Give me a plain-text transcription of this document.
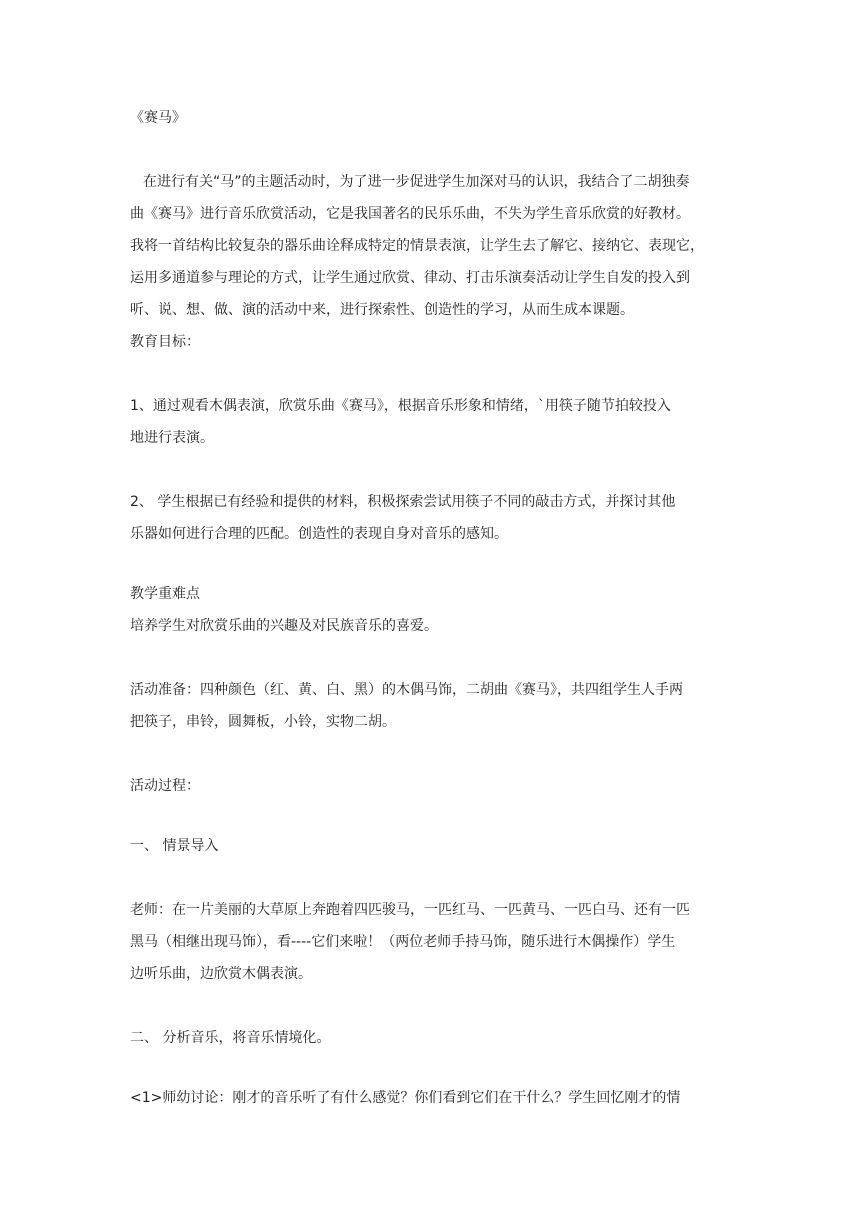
《赛马》
在进行有关“马”的主题活动时，为了进一步促进学生加深对马的认识，我结合了二胡独奏
曲《赛马》进行音乐欣赏活动，它是我国著名的民乐乐曲，不失为学生音乐欣赏的好教材。
我将一首结构比较复杂的器乐曲诠释成特定的情景表演，让学生去了解它、接纳它、表现它，
运用多通道参与理论的方式，让学生通过欣赏、律动、打击乐演奏活动让学生自发的投入到
听、说、想、做、演的活动中来，进行探索性、创造性的学习，从而生成本课题。
教育目标：
1、通过观看木偶表演，欣赏乐曲《赛马》，根据音乐形象和情绪，`用筷子随节拍较投入
地进行表演。
2、 学生根据已有经验和提供的材料，积极探索尝试用筷子不同的敲击方式，并探讨其他
乐器如何进行合理的匹配。创造性的表现自身对音乐的感知。
教学重难点
培养学生对欣赏乐曲的兴趣及对民族音乐的喜爱。
活动准备：四种颜色（红、黄、白、黑）的木偶马饰，二胡曲《赛马》，共四组学生人手两
把筷子，串铃，圆舞板，小铃，实物二胡。
活动过程：
一、 情景导入
老师：在一片美丽的大草原上奔跑着四匹骏马，一匹红马、一匹黄马、一匹白马、还有一匹
黑马（相继出现马饰），看----它们来啦！（两位老师手持马饰，随乐进行木偶操作）学生
边听乐曲，边欣赏木偶表演。
二、 分析音乐，将音乐情境化。
<1>师幼讨论：刚才的音乐听了有什么感觉？你们看到它们在干什么？学生回忆刚才的情
